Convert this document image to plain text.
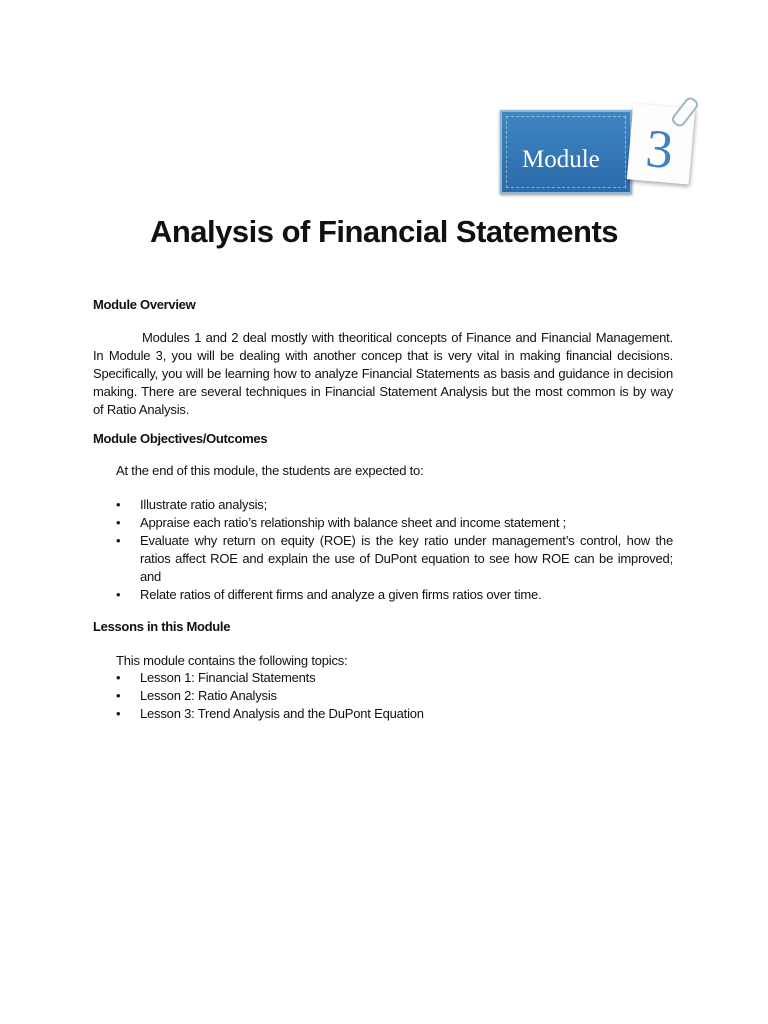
Module 3
Analysis of Financial Statements
Module Overview

Modules 1 and 2 deal mostly with theoritical concepts of Finance and Financial Management. In Module 3, you will be dealing with another concep that is very vital in making financial decisions. Specifically, you will be learning how to analyze Financial Statements as basis and guidance in decision making. There are several techniques in Financial Statement Analysis but the most common is by way of Ratio Analysis.

Module Objectives/Outcomes

At the end of this module, the students are expected to:

• Illustrate ratio analysis;
• Appraise each ratio’s relationship with balance sheet and income statement ;
• Evaluate why return on equity (ROE) is the key ratio under management’s control, how the ratios affect ROE and explain the use of DuPont equation to see how ROE can be improved; and
• Relate ratios of different firms and analyze a given firms ratios over time.
Lessons in this Module

This module contains the following topics:

• Lesson 1: Financial Statements
• Lesson 2: Ratio Analysis
• Lesson 3: Trend Analysis and the DuPont Equation
